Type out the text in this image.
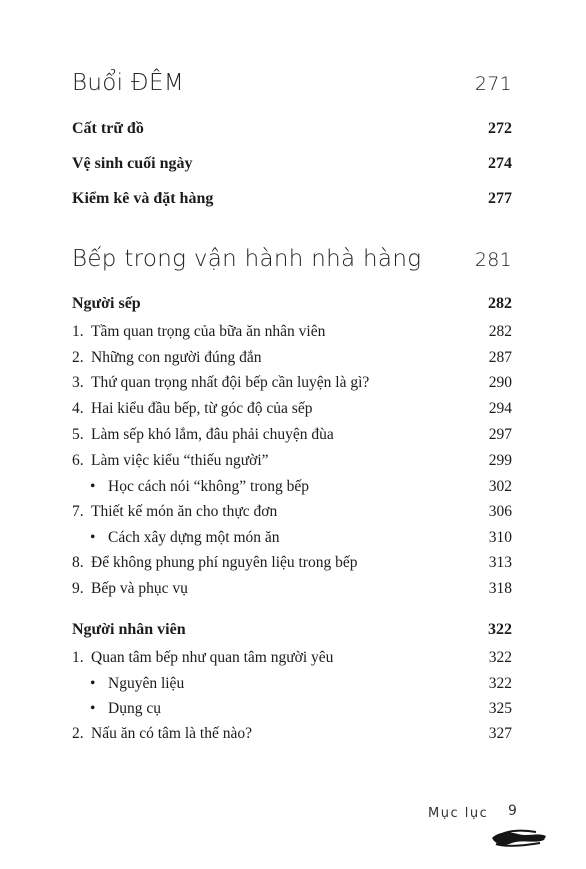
Buổi ĐÊM	271
Cất trữ đồ	272
Vệ sinh cuối ngày	274
Kiểm kê và đặt hàng	277
Bếp trong vận hành nhà hàng	281
Người sếp	282
1. Tầm quan trọng của bữa ăn nhân viên	282
2. Những con người đúng đắn	287
3. Thứ quan trọng nhất đội bếp cần luyện là gì?	290
4. Hai kiểu đầu bếp, từ góc độ của sếp	294
5. Làm sếp khó lắm, đâu phải chuyện đùa	297
6. Làm việc kiểu “thiếu người”	299
• Học cách nói “không” trong bếp	302
7. Thiết kế món ăn cho thực đơn	306
• Cách xây dựng một món ăn	310
8. Để không phung phí nguyên liệu trong bếp	313
9. Bếp và phục vụ	318
Người nhân viên	322
1. Quan tâm bếp như quan tâm người yêu	322
• Nguyên liệu	322
• Dụng cụ	325
2. Nấu ăn có tâm là thế nào?	327
Mục lục 9
